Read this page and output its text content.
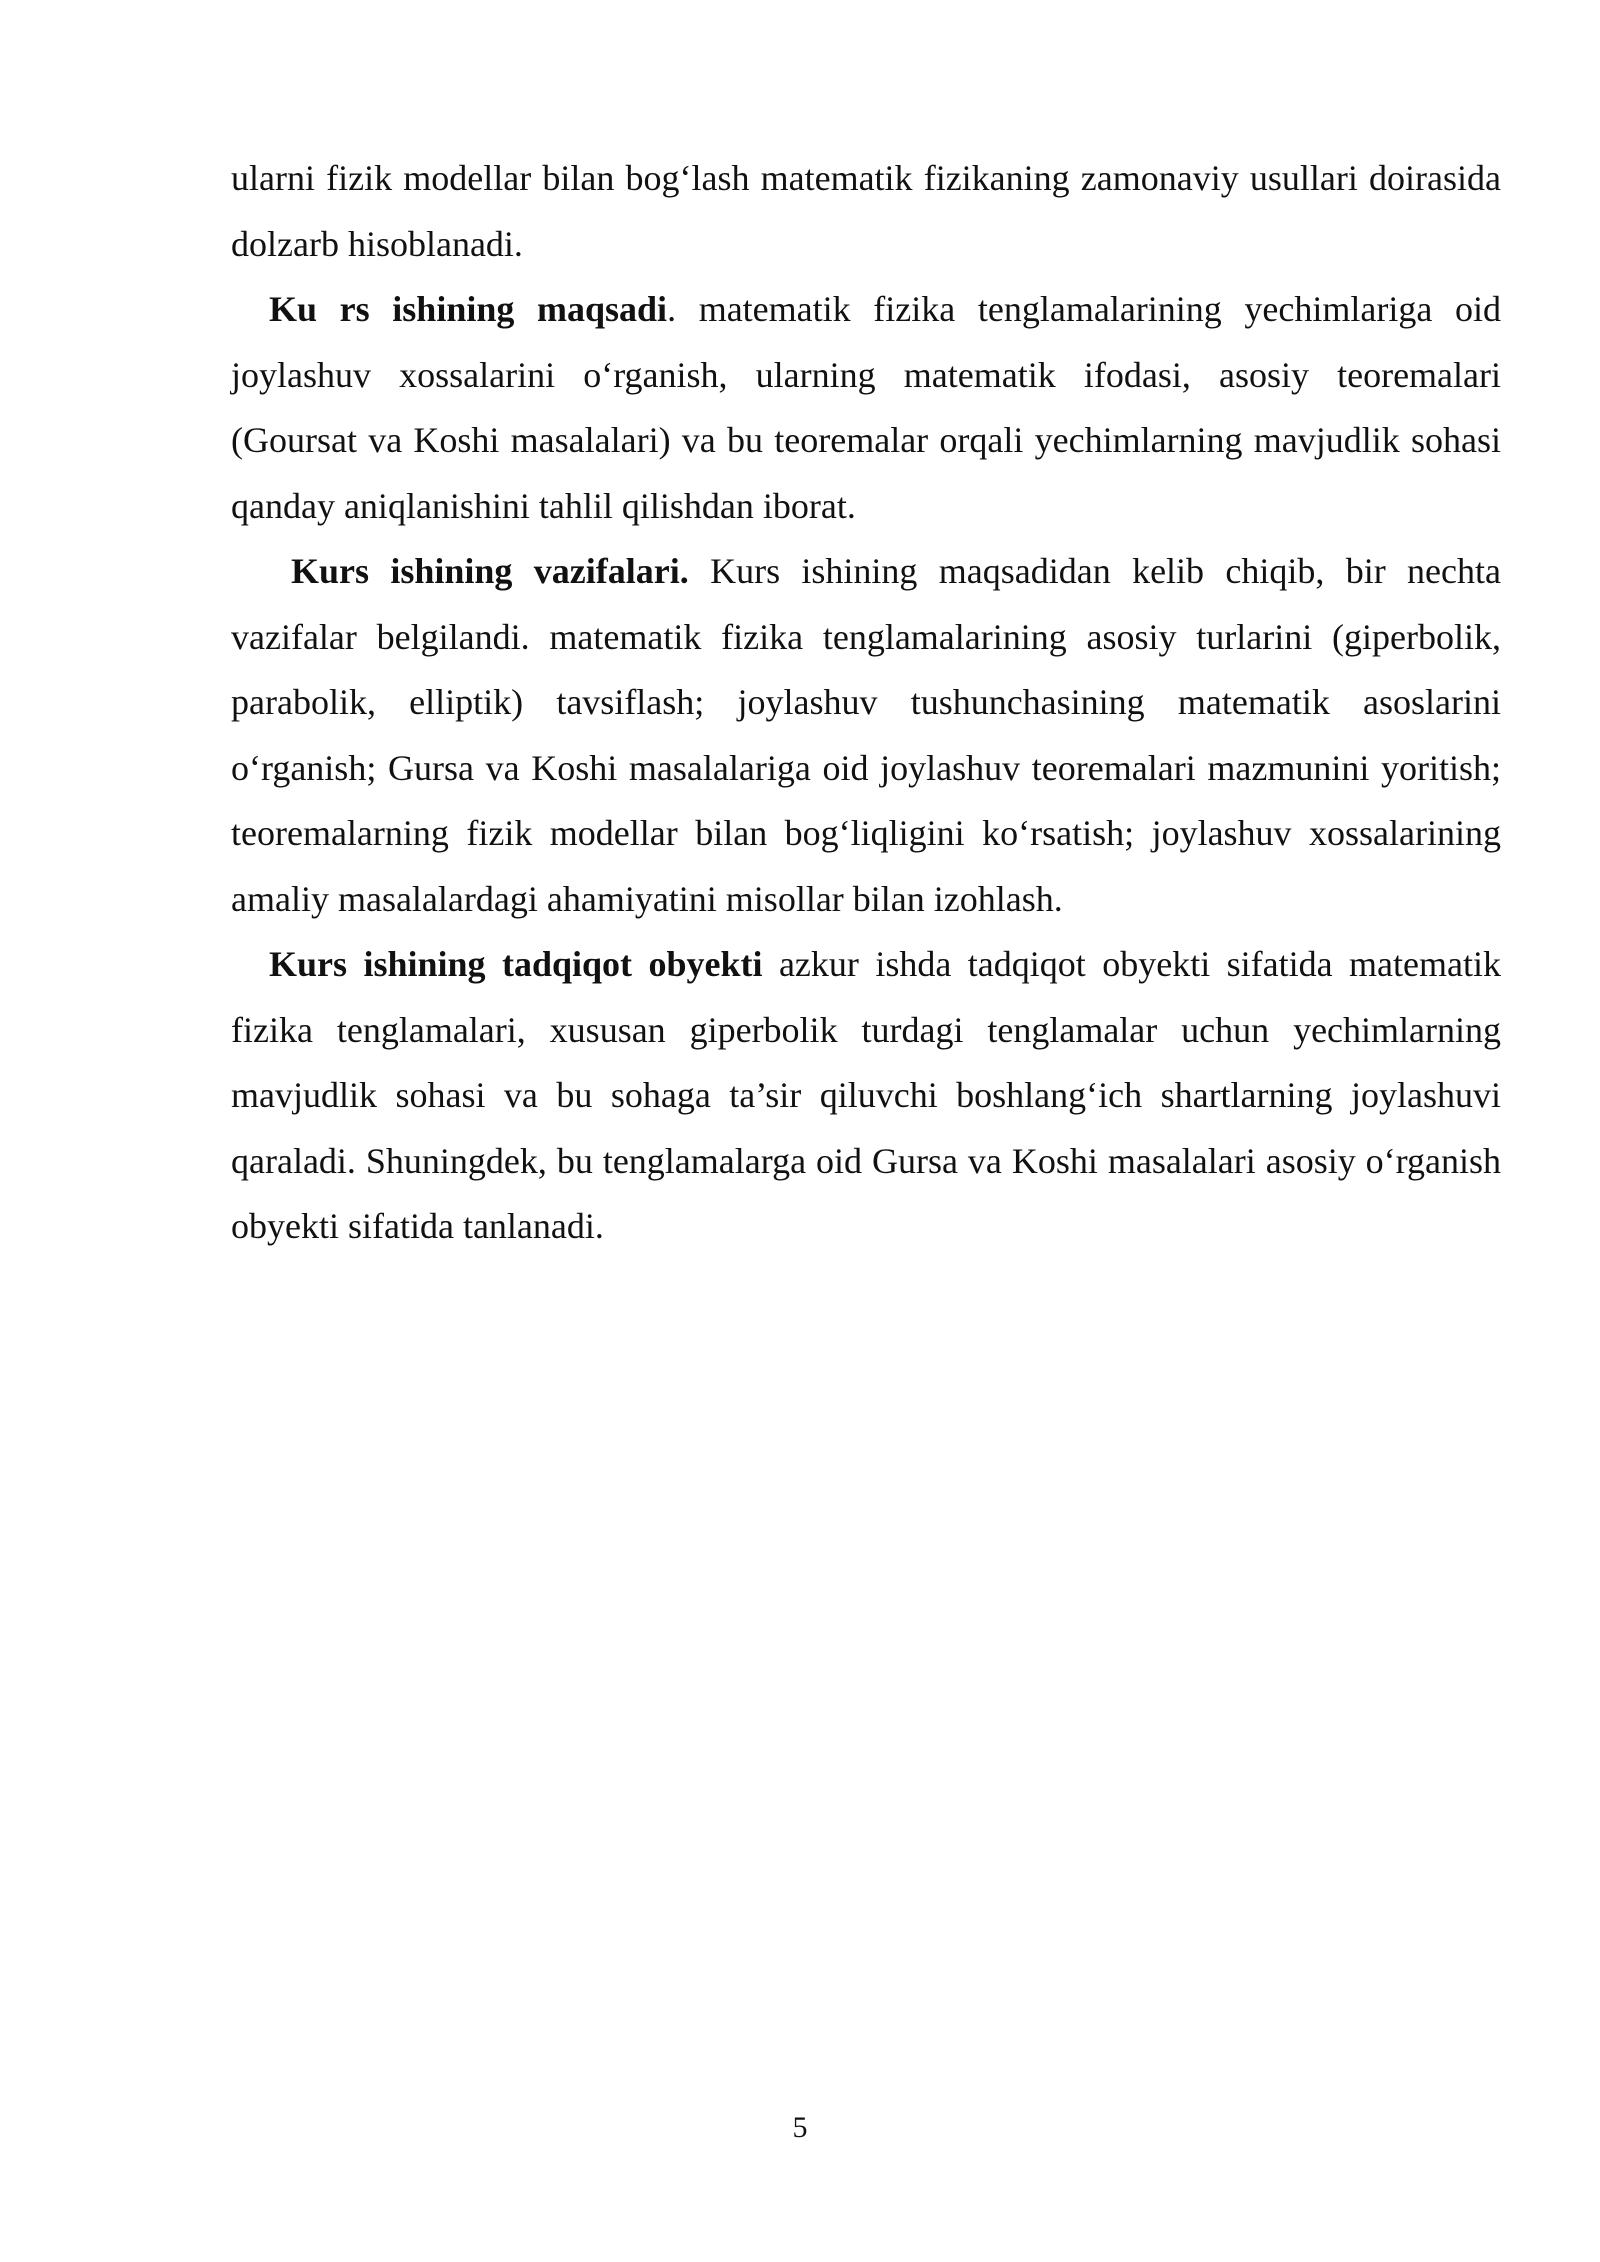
ularni fizik modellar bilan bog‘lash matematik fizikaning zamonaviy usullari doirasida dolzarb hisoblanadi.

Ku rs ishining maqsadi. matematik fizika tenglamalarining yechimlariga oid joylashuv xossalarini o‘rganish, ularning matematik ifodasi, asosiy teoremalari (Goursat va Koshi masalalari) va bu teoremalar orqali yechimlarning mavjudlik sohasi qanday aniqlanishini tahlil qilishdan iborat.

Kurs ishining vazifalari. Kurs ishining maqsadidan kelib chiqib, bir nechta vazifalar belgilandi. matematik fizika tenglamalarining asosiy turlarini (giperbolik, parabolik, elliptik) tavsiflash; joylashuv tushunchasining matematik asoslarini o‘rganish; Gursa va Koshi masalalariga oid joylashuv teoremalari mazmunini yoritish; teoremalarning fizik modellar bilan bog‘liqligini ko‘rsatish; joylashuv xossalarining amaliy masalalardagi ahamiyatini misollar bilan izohlash.

Kurs ishining tadqiqot obyekti azkur ishda tadqiqot obyekti sifatida matematik fizika tenglamalari, xususan giperbolik turdagi tenglamalar uchun yechimlarning mavjudlik sohasi va bu sohaga ta’sir qiluvchi boshlang‘ich shartlarning joylashuvi qaraladi. Shuningdek, bu tenglamalarga oid Gursa va Koshi masalalari asosiy o‘rganish obyekti sifatida tanlanadi.

5
